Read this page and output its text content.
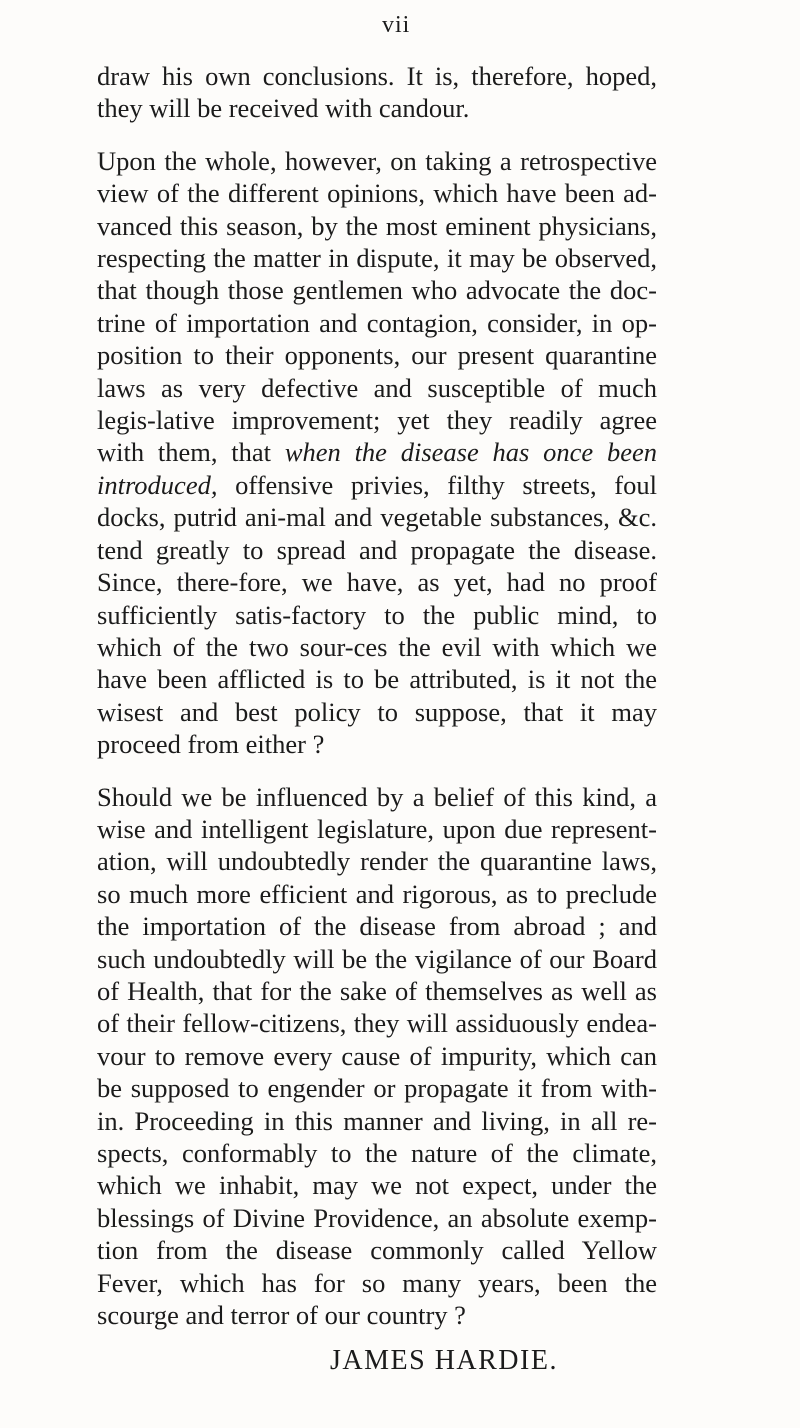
vii

draw his own conclusions. It is, therefore, hoped, they will be received with candour.

Upon the whole, however, on taking a retrospective view of the different opinions, which have been ad-vanced this season, by the most eminent physicians, respecting the matter in dispute, it may be observed, that though those gentlemen who advocate the doc-trine of importation and contagion, consider, in op-position to their opponents, our present quarantine laws as very defective and susceptible of much legis-lative improvement; yet they readily agree with them, that when the disease has once been introduced, offensive privies, filthy streets, foul docks, putrid ani-mal and vegetable substances, &c. tend greatly to spread and propagate the disease. Since, there-fore, we have, as yet, had no proof sufficiently satis-factory to the public mind, to which of the two sour-ces the evil with which we have been afflicted is to be attributed, is it not the wisest and best policy to suppose, that it may proceed from either ?

Should we be influenced by a belief of this kind, a wise and intelligent legislature, upon due represent-ation, will undoubtedly render the quarantine laws, so much more efficient and rigorous, as to preclude the importation of the disease from abroad ; and such undoubtedly will be the vigilance of our Board of Health, that for the sake of themselves as well as of their fellow-citizens, they will assiduously endea-vour to remove every cause of impurity, which can be supposed to engender or propagate it from with-in. Proceeding in this manner and living, in all re-spects, conformably to the nature of the climate, which we inhabit, may we not expect, under the blessings of Divine Providence, an absolute exemp-tion from the disease commonly called Yellow Fever, which has for so many years, been the scourge and terror of our country ?

JAMES HARDIE.
